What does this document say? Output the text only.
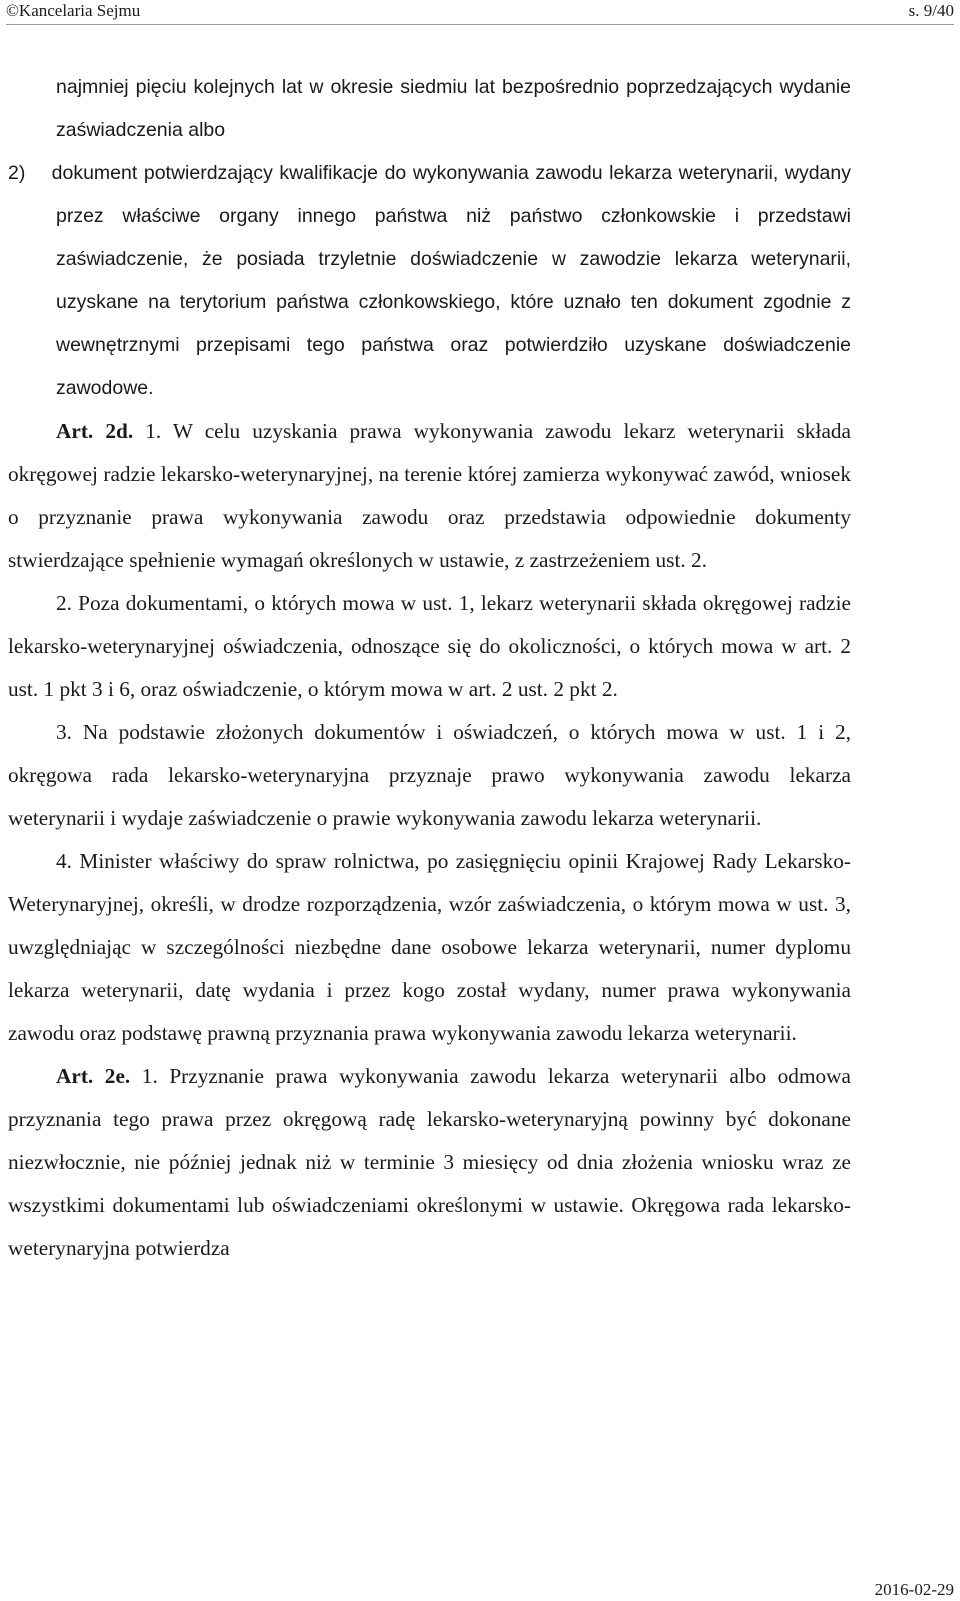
©Kancelaria Sejmu	s. 9/40

najmniej pięciu kolejnych lat w okresie siedmiu lat bezpośrednio poprzedzających wydanie zaświadczenia albo

2) dokument potwierdzający kwalifikacje do wykonywania zawodu lekarza weterynarii, wydany przez właściwe organy innego państwa niż państwo członkowskie i przedstawi zaświadczenie, że posiada trzyletnie doświadczenie w zawodzie lekarza weterynarii, uzyskane na terytorium państwa członkowskiego, które uznało ten dokument zgodnie z wewnętrznymi przepisami tego państwa oraz potwierdziło uzyskane doświadczenie zawodowe.

Art. 2d. 1. W celu uzyskania prawa wykonywania zawodu lekarz weterynarii składa okręgowej radzie lekarsko-weterynaryjnej, na terenie której zamierza wykonywać zawód, wniosek o przyznanie prawa wykonywania zawodu oraz przedstawia odpowiednie dokumenty stwierdzające spełnienie wymagań określonych w ustawie, z zastrzeżeniem ust. 2.

2. Poza dokumentami, o których mowa w ust. 1, lekarz weterynarii składa okręgowej radzie lekarsko-weterynaryjnej oświadczenia, odnoszące się do okoliczności, o których mowa w art. 2 ust. 1 pkt 3 i 6, oraz oświadczenie, o którym mowa w art. 2 ust. 2 pkt 2.

3. Na podstawie złożonych dokumentów i oświadczeń, o których mowa w ust. 1 i 2, okręgowa rada lekarsko-weterynaryjna przyznaje prawo wykonywania zawodu lekarza weterynarii i wydaje zaświadczenie o prawie wykonywania zawodu lekarza weterynarii.

4. Minister właściwy do spraw rolnictwa, po zasięgnięciu opinii Krajowej Rady Lekarsko-Weterynaryjnej, określi, w drodze rozporządzenia, wzór zaświadczenia, o którym mowa w ust. 3, uwzględniając w szczególności niezbędne dane osobowe lekarza weterynarii, numer dyplomu lekarza weterynarii, datę wydania i przez kogo został wydany, numer prawa wykonywania zawodu oraz podstawę prawną przyznania prawa wykonywania zawodu lekarza weterynarii.

Art. 2e. 1. Przyznanie prawa wykonywania zawodu lekarza weterynarii albo odmowa przyznania tego prawa przez okręgową radę lekarsko-weterynaryjną powinny być dokonane niezwłocznie, nie później jednak niż w terminie 3 miesięcy od dnia złożenia wniosku wraz ze wszystkimi dokumentami lub oświadczeniami określonymi w ustawie. Okręgowa rada lekarsko-weterynaryjna potwierdza

2016-02-29
